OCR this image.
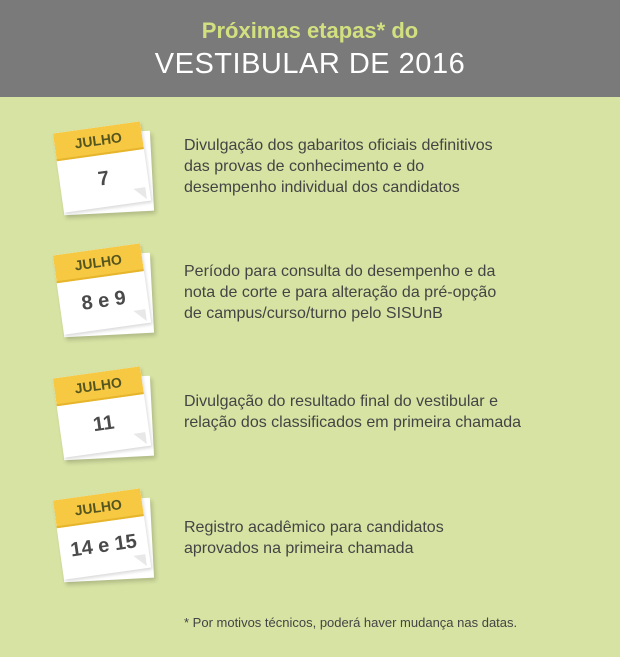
Próximas etapas* do
VESTIBULAR DE 2016
JULHO
7
Divulgação dos gabaritos oficiais definitivos
das provas de conhecimento e do
desempenho individual dos candidatos
JULHO
8 e 9
Período para consulta do desempenho e da
nota de corte e para alteração da pré-opção
de campus/curso/turno pelo SISUnB
JULHO
11
Divulgação do resultado final do vestibular e
relação dos classificados em primeira chamada
JULHO
14 e 15
Registro acadêmico para candidatos
aprovados na primeira chamada
* Por motivos técnicos, poderá haver mudança nas datas.
